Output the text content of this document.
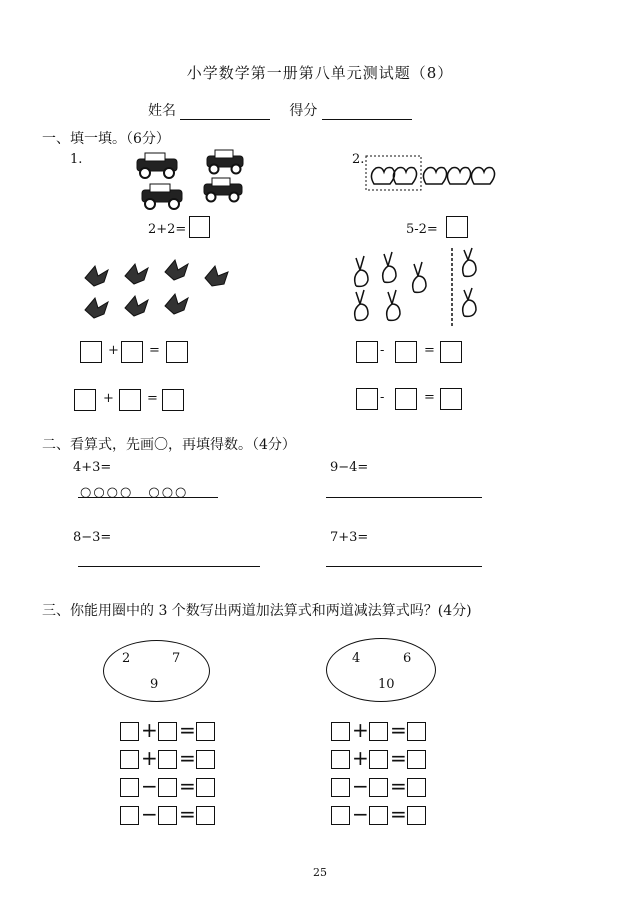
小学数学第一册第八单元测试题（8）
姓名	得分
一、填一填。（6分）
1.	2.
2+2=	5-2=
+ =	-	=
+	=	-	=
二、看算式，先画〇，再填得数。（4分）
4+3=
○○○○　○○○
9−4=
8−3=	7+3=
三、你能用圈中的 3 个数写出两道加法算式和两道减法算式吗？(4分)
2	7
9
4	6
10
+ =
+ =
− =
− =
+ =
+ =
− =
− =
25
